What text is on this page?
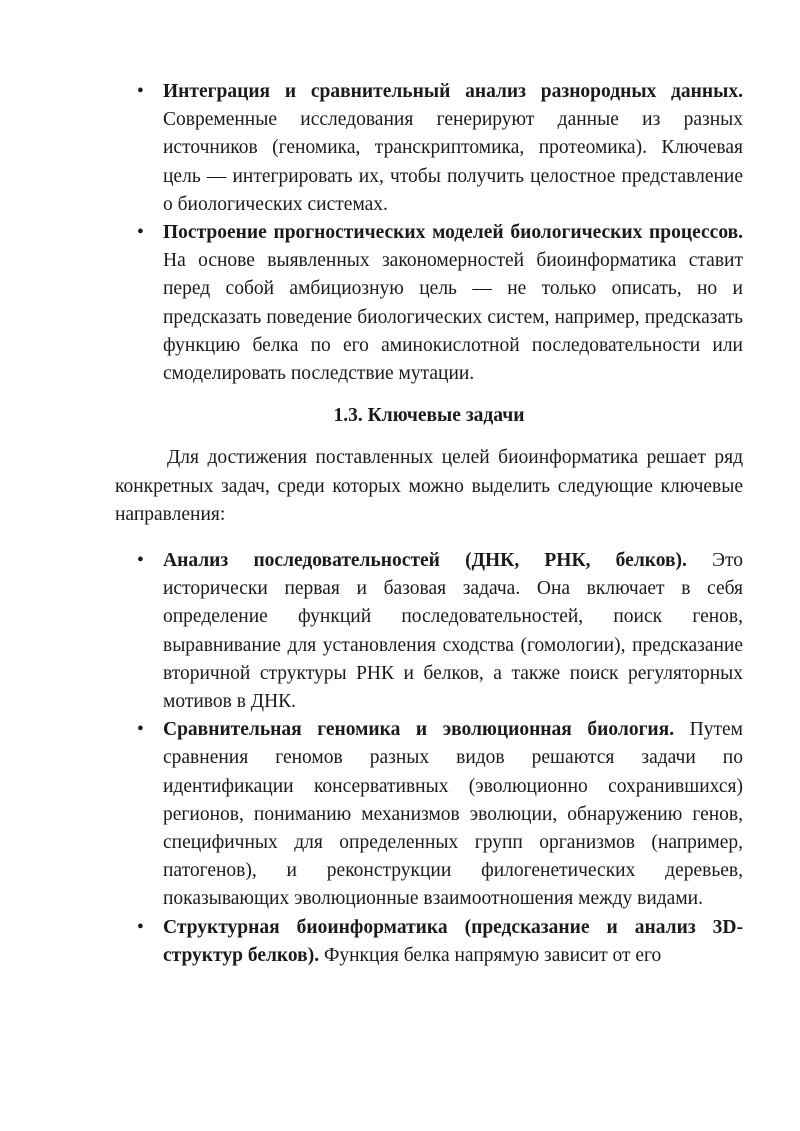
• Интеграция и сравнительный анализ разнородных данных. Современные исследования генерируют данные из разных источников (геномика, транскриптомика, протеомика). Ключевая цель — интегрировать их, чтобы получить целостное представление о биологических системах.
• Построение прогностических моделей биологических процессов. На основе выявленных закономерностей биоинформатика ставит перед собой амбициозную цель — не только описать, но и предсказать поведение биологических систем, например, предсказать функцию белка по его аминокислотной последовательности или смоделировать последствие мутации.
1.3. Ключевые задачи

Для достижения поставленных целей биоинформатика решает ряд конкретных задач, среди которых можно выделить следующие ключевые направления:

• Анализ последовательностей (ДНК, РНК, белков). Это исторически первая и базовая задача. Она включает в себя определение функций последовательностей, поиск генов, выравнивание для установления сходства (гомологии), предсказание вторичной структуры РНК и белков, а также поиск регуляторных мотивов в ДНК.
• Сравнительная геномика и эволюционная биология. Путем сравнения геномов разных видов решаются задачи по идентификации консервативных (эволюционно сохранившихся) регионов, пониманию механизмов эволюции, обнаружению генов, специфичных для определенных групп организмов (например, патогенов), и реконструкции филогенетических деревьев, показывающих эволюционные взаимоотношения между видами.
• Структурная биоинформатика (предсказание и анализ 3D-структур белков). Функция белка напрямую зависит от его
